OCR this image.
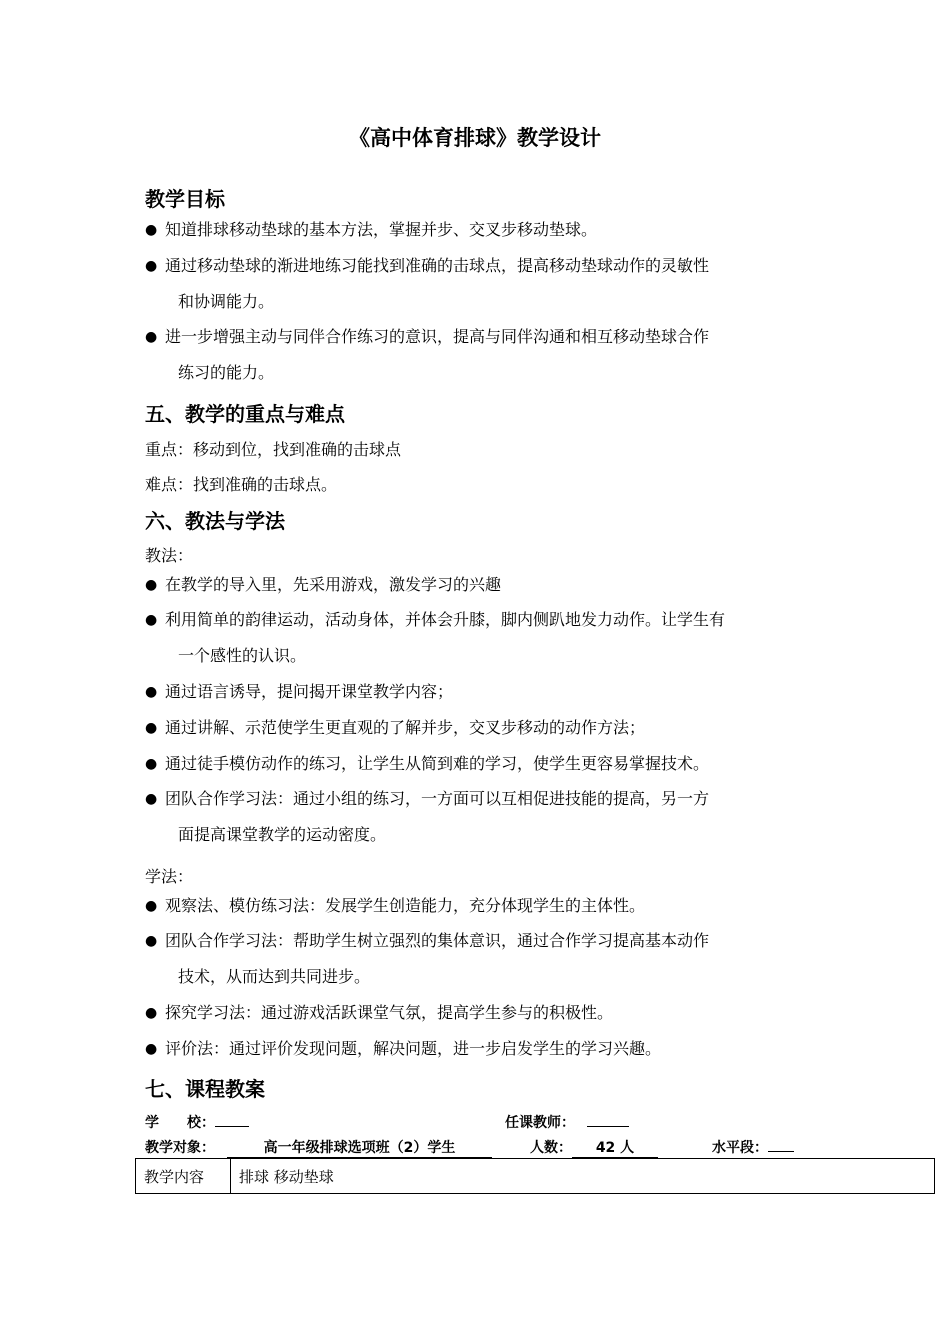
《高中体育排球》教学设计
教学目标
● 知道排球移动垫球的基本方法，掌握并步、交叉步移动垫球。
● 通过移动垫球的渐进地练习能找到准确的击球点，提高移动垫球动作的灵敏性
和协调能力。
● 进一步增强主动与同伴合作练习的意识，提高与同伴沟通和相互移动垫球合作
练习的能力。
五、教学的重点与难点
重点：移动到位，找到准确的击球点
难点：找到准确的击球点。
六、教法与学法
教法：
● 在教学的导入里，先采用游戏，激发学习的兴趣
● 利用简单的韵律运动，活动身体，并体会升膝，脚内侧趴地发力动作。让学生有
一个感性的认识。
● 通过语言诱导，提问揭开课堂教学内容；
● 通过讲解、示范使学生更直观的了解并步，交叉步移动的动作方法；
● 通过徒手模仿动作的练习，让学生从简到难的学习，使学生更容易掌握技术。
● 团队合作学习法：通过小组的练习，一方面可以互相促进技能的提高，另一方
面提高课堂教学的运动密度。
学法：
● 观察法、模仿练习法：发展学生创造能力，充分体现学生的主体性。
● 团队合作学习法：帮助学生树立强烈的集体意识，通过合作学习提高基本动作
技术，从而达到共同进步。
● 探究学习法：通过游戏活跃课堂气氛，提高学生参与的积极性。
● 评价法：通过评价发现问题，解决问题，进一步启发学生的学习兴趣。
七、课程教案
学　　校：	任课教师：
教学对象：	高一年级排球选项班（2）学生	人数： 42 人	水平段：
教学内容	排球 移动垫球
